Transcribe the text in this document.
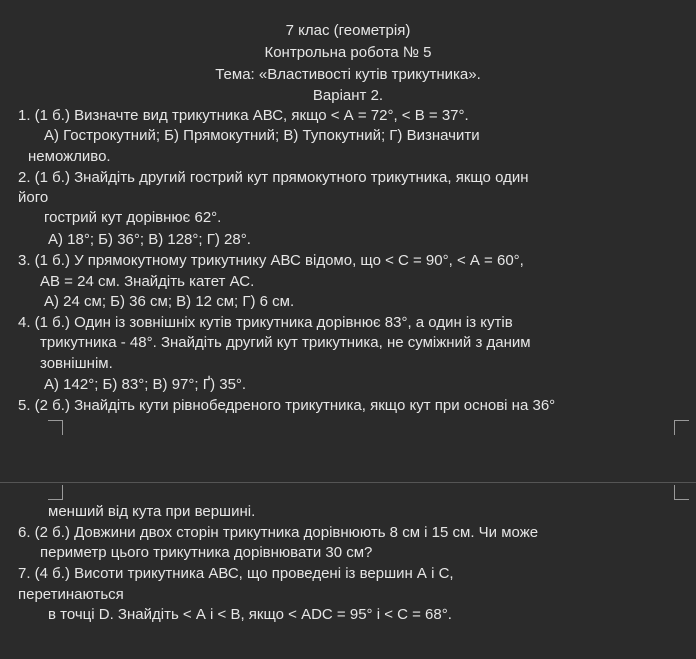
7 клас (геометрія)
Контрольна робота № 5
Тема: «Властивості кутів трикутника».
Варіант 2.
1. (1 б.) Визначте вид трикутника АВС, якщо < А = 72°, < В = 37°.
А) Гострокутний; Б) Прямокутний; В) Тупокутний; Г) Визначити
неможливо.
2. (1 б.) Знайдіть другий гострий кут прямокутного трикутника, якщо один
його
гострий кут дорівнює 62°.
А) 18°; Б) 36°; В) 128°; Г) 28°.
3. (1 б.) У прямокутному трикутнику АВС відомо, що < С = 90°, < А = 60°,
АВ = 24 см. Знайдіть катет АС.
А) 24 см; Б) 36 см; В) 12 см; Г) 6 см.
4. (1 б.) Один із зовнішніх кутів трикутника дорівнює 83°, а один із кутів
трикутника - 48°. Знайдіть другий кут трикутника, не суміжний з даним
зовнішнім.
А) 142°; Б) 83°; В) 97°; Ґ) 35°.
5. (2 б.) Знайдіть кути рівнобедреного трикутника, якщо кут при основі на 36°
менший від кута при вершині.
6. (2 б.) Довжини двох сторін трикутника дорівнюють 8 см і 15 см. Чи може
периметр цього трикутника дорівнювати 30 см?
7. (4 б.) Висоти трикутника АВС, що проведені із вершин А і С,
перетинаються
в точці D. Знайдіть < А і < В, якщо < АDС = 95° і < С = 68°.
